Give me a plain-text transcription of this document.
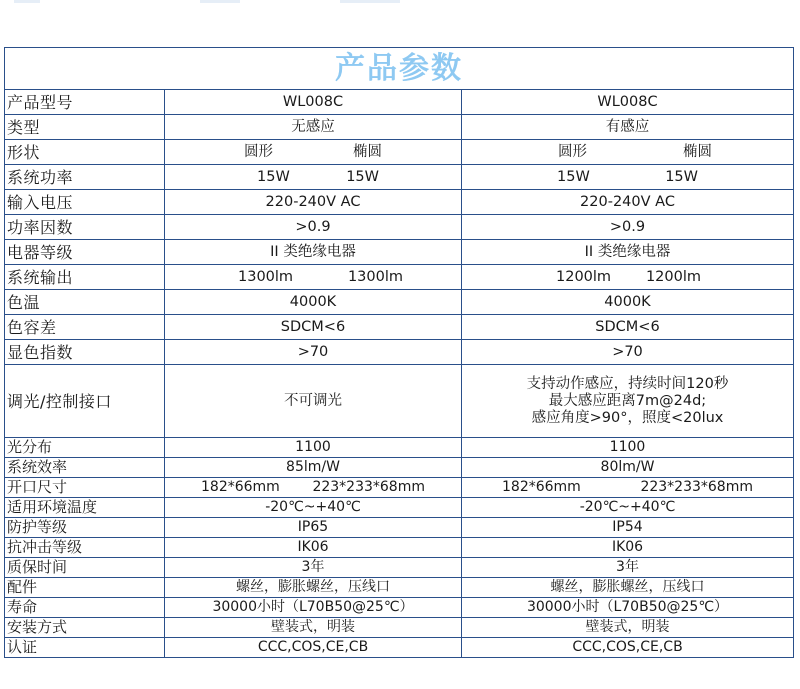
产品参数		
产品型号	WL008C	WL008C
类型	无感应	有感应
形状	圆形 椭圆	圆形 椭圆

系统功率	15W 15W	15W 15W

输入电压	220-240V AC	220-240V AC
功率因数	>0.9	>0.9
电器等级	II 类绝缘电器	II 类绝缘电器
系统输出	1300lm 1300lm	1200lm 1200lm

色温	4000K	4000K
色容差	SDCM<6	SDCM<6
显色指数	>70	>70
调光/控制接口	不可调光	支持动作感应，持续时间120秒
最大感应距离7m@24d;
感应角度>90°，照度<20lux

光分布	1100	1100
系统效率	85lm/W	80lm/W
开口尺寸	182*66mm 223*233*68mm	182*66mm 223*233*68mm

适用环境温度	-20℃~+40℃	-20℃~+40℃
防护等级	IP65	IP54
抗冲击等级	IK06	IK06
质保时间	3年	3年
配件	螺丝，膨胀螺丝，压线口	螺丝，膨胀螺丝，压线口
寿命	30000小时（L70B50@25℃）	30000小时（L70B50@25℃）
安装方式	壁装式，明装	壁装式，明装
认证	CCC,COS,CE,CB	CCC,COS,CE,CB
